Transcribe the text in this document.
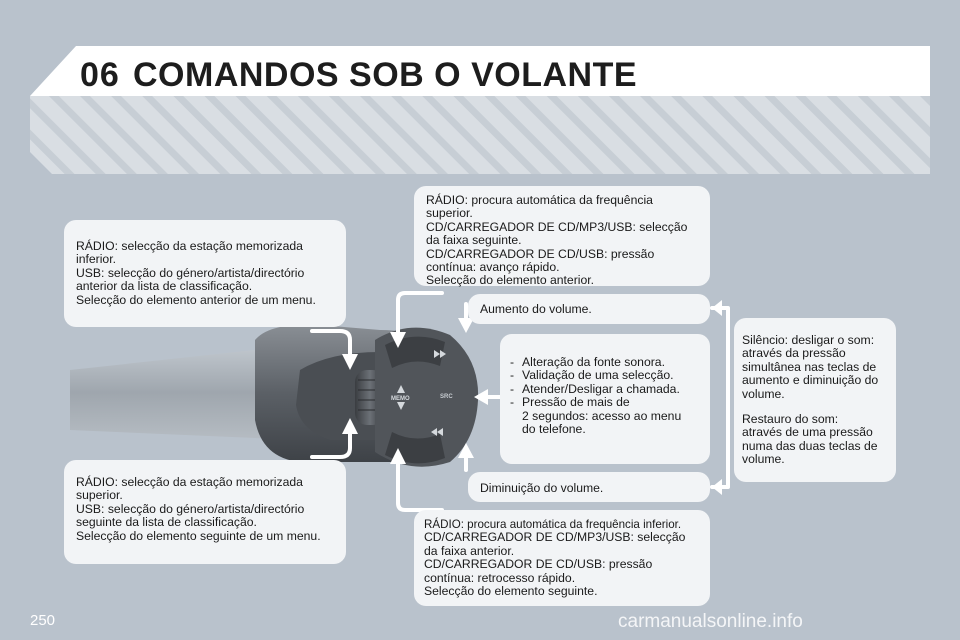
06 COMANDOS SOB O VOLANTE
MEMO	SRC

RÁDIO: selecção da estação memorizada

inferior.

USB: selecção do género/artista/directório

anterior da lista de classificação.

Selecção do elemento anterior de um menu.

RÁDIO: procura automática da frequência

superior.

CD/CARREGADOR DE CD/MP3/USB: selecção

da faixa seguinte.

CD/CARREGADOR DE CD/USB: pressão

contínua: avanço rápido.

Selecção do elemento anterior.

Aumento do volume.

- Alteração da fonte sonora.
- Validação de uma selecção.
- Atender/Desligar a chamada.
- Pressão de mais de
2 segundos: acesso ao menu
do telefone.

Silêncio: desligar o som:

através da pressão

simultânea nas teclas de

aumento e diminuição do

volume.

Restauro do som:

através de uma pressão

numa das duas teclas de

volume.

RÁDIO: selecção da estação memorizada

superior.

USB: selecção do género/artista/directório

seguinte da lista de classificação.

Selecção do elemento seguinte de um menu.

Diminuição do volume.

RÁDIO: procura automática da frequência inferior.

CD/CARREGADOR DE CD/MP3/USB: selecção

da faixa anterior.

CD/CARREGADOR DE CD/USB: pressão

contínua: retrocesso rápido.

Selecção do elemento seguinte.

250	carmanualsonline.info
